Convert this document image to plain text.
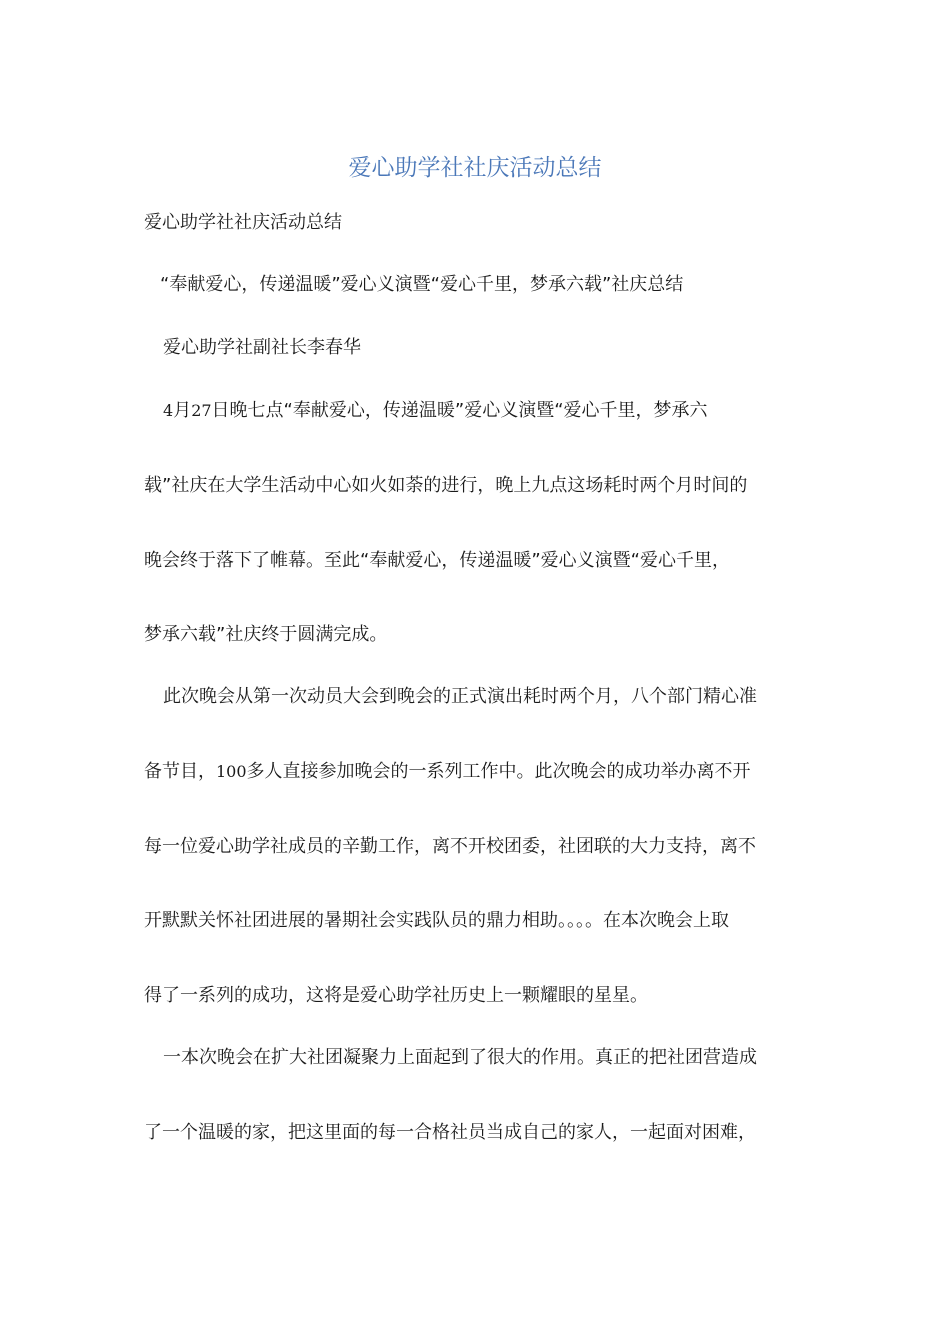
爱心助学社社庆活动总结
爱心助学社社庆活动总结
“奉献爱心，传递温暖”爱心义演暨“爱心千里，梦承六载”社庆总结
爱心助学社副社长李春华
4月27日晚七点“奉献爱心，传递温暖”爱心义演暨“爱心千里，梦承六
载”社庆在大学生活动中心如火如荼的进行，晚上九点这场耗时两个月时间的
晚会终于落下了帷幕。至此“奉献爱心，传递温暖”爱心义演暨“爱心千里，
梦承六载”社庆终于圆满完成。
此次晚会从第一次动员大会到晚会的正式演出耗时两个月，八个部门精心准
备节目，100多人直接参加晚会的一系列工作中。此次晚会的成功举办离不开
每一位爱心助学社成员的辛勤工作，离不开校团委，社团联的大力支持，离不
开默默关怀社团进展的暑期社会实践队员的鼎力相助。。。。在本次晚会上取
得了一系列的成功，这将是爱心助学社历史上一颗耀眼的星星。
一本次晚会在扩大社团凝聚力上面起到了很大的作用。真正的把社团营造成
了一个温暖的家，把这里面的每一合格社员当成自己的家人，一起面对困难，
